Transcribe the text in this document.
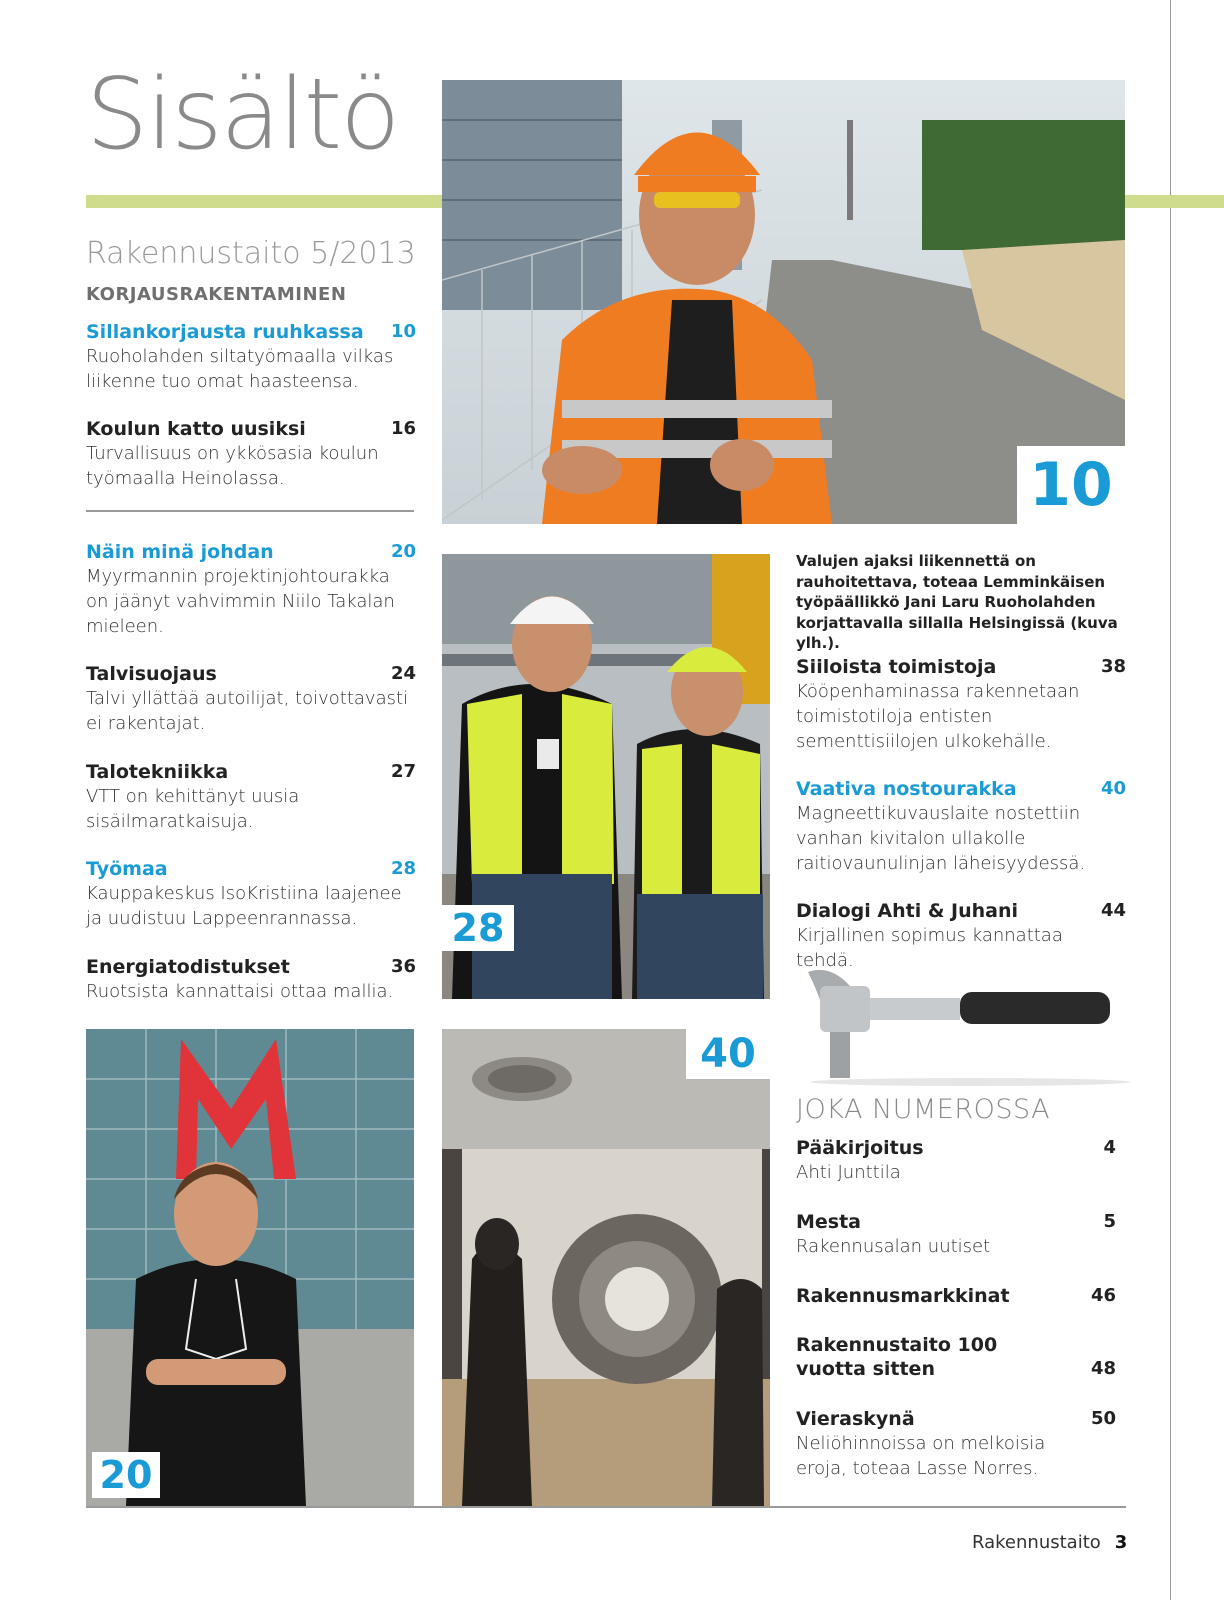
Sisältö
Rakennustaito 5/2013
KORJAUSRAKENTAMINEN
Sillankorjausta ruuhkassa 10
Ruoholahden siltatyömaalla vilkas liikenne tuo omat haasteensa.
Koulun katto uusiksi	16
Turvallisuus on ykkösasia koulun työmaalla Heinolassa.
Näin minä johdan	20
Myyrmannin projektinjohtourakka on jäänyt vahvimmin Niilo Takalan mieleen.
Talvisuojaus	24
Talvi yllättää autoilijat, toivottavasti ei rakentajat.
Talotekniikka	27
VTT on kehittänyt uusia sisäilmaratkaisuja.
Työmaa	28
Kauppakeskus IsoKristiina laajenee ja uudistuu Lappeenrannassa.
Energiatodistukset	36
Ruotsista kannattaisi ottaa mallia.
10
28
20
40
Valujen ajaksi liikennettä on rauhoitettava, toteaa Lemminkäisen työpäällikkö Jani Laru Ruoholahden korjattavalla sillalla Helsingissä (kuva ylh.).
Siiloista toimistoja	38
Kööpenhaminassa rakennetaan toimistotiloja entisten sementtisiilojen ulkokehälle.
Vaativa nostourakka	40
Magneettikuvauslaite nostettiin vanhan kivitalon ullakolle raitiovaunulinjan läheisyydessä.
Dialogi Ahti & Juhani	44
Kirjallinen sopimus kannattaa tehdä.
JOKA NUMEROSSA
Pääkirjoitus	4
Ahti Junttila
Mesta	5
Rakennusalan uutiset
Rakennusmarkkinat	46
Rakennustaito 100 vuotta sitten	48
Vieraskynä	50
Neliöhinnoissa on melkoisia eroja, toteaa Lasse Norres.
Rakennustaito 3
